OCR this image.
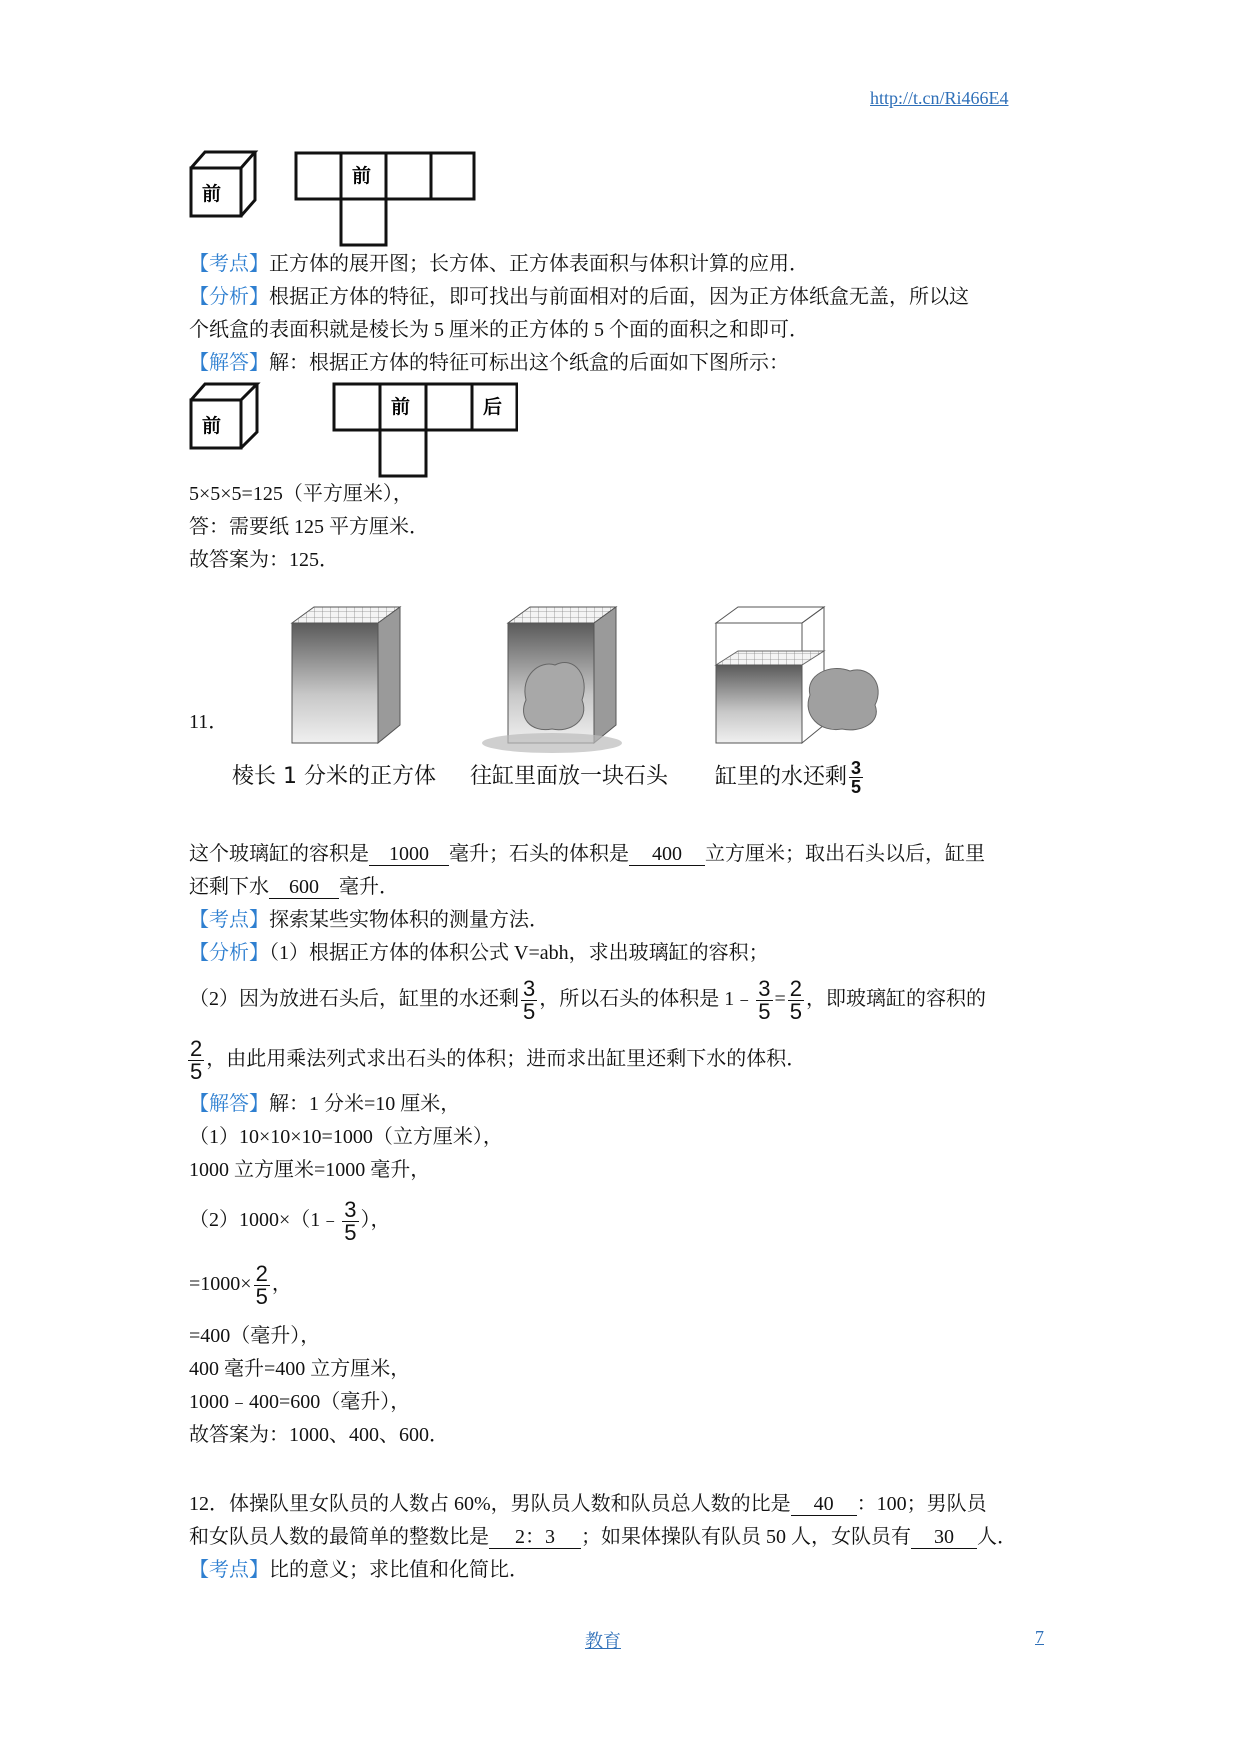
http://t.cn/Ri466E4
前
前
【考点】正方体的展开图；长方体、正方体表面积与体积计算的应用．
【分析】根据正方体的特征，即可找出与前面相对的后面，因为正方体纸盒无盖，所以这
个纸盒的表面积就是棱长为 5 厘米的正方体的 5 个面的面积之和即可．
【解答】解：根据正方体的特征可标出这个纸盒的后面如下图所示：
前
前	后
5×5×5=125（平方厘米），
答：需要纸 125 平方厘米．
故答案为：125．
11．
棱长 1 分米的正方体 往缸里面放一块石头 缸里的水还剩 $\frac{3}{5}$
这个玻璃缸的容积是 1000 毫升；石头的体积是 400 立方厘米；取出石头以后，缸里
还剩下水 600 毫升．
【考点】探索某些实物体积的测量方法．
【分析】（1）根据正方体的体积公式 V=abh，求出玻璃缸的容积；
（2）因为放进石头后，缸里的水还剩 $\frac{3}{5}$ ，所以石头的体积是 1﹣ $\frac{3}{5} = \frac{2}{5}$ ，即玻璃缸的容积的
$\frac{2}{5}$ ，由此用乘法列式求出石头的体积；进而求出缸里还剩下水的体积．
【解答】解：1 分米=10 厘米，
（1）10×10×10=1000（立方厘米），
1000 立方厘米=1000 毫升，
（2）1000×（1﹣ $\frac{3}{5}$ ），
$=1000\times \frac{2}{5}$ ，
=400（毫升），
400 毫升=400 立方厘米，
1000﹣400=600（毫升），
故答案为：1000、400、600．
12．体操队里女队员的人数占 60%，男队员人数和队员总人数的比是 40 ：100；男队员
和女队员人数的最简单的整数比是 2：3 ；如果体操队有队员 50 人，女队员有 30 人．
【考点】比的意义；求比值和化简比．
教育	7
